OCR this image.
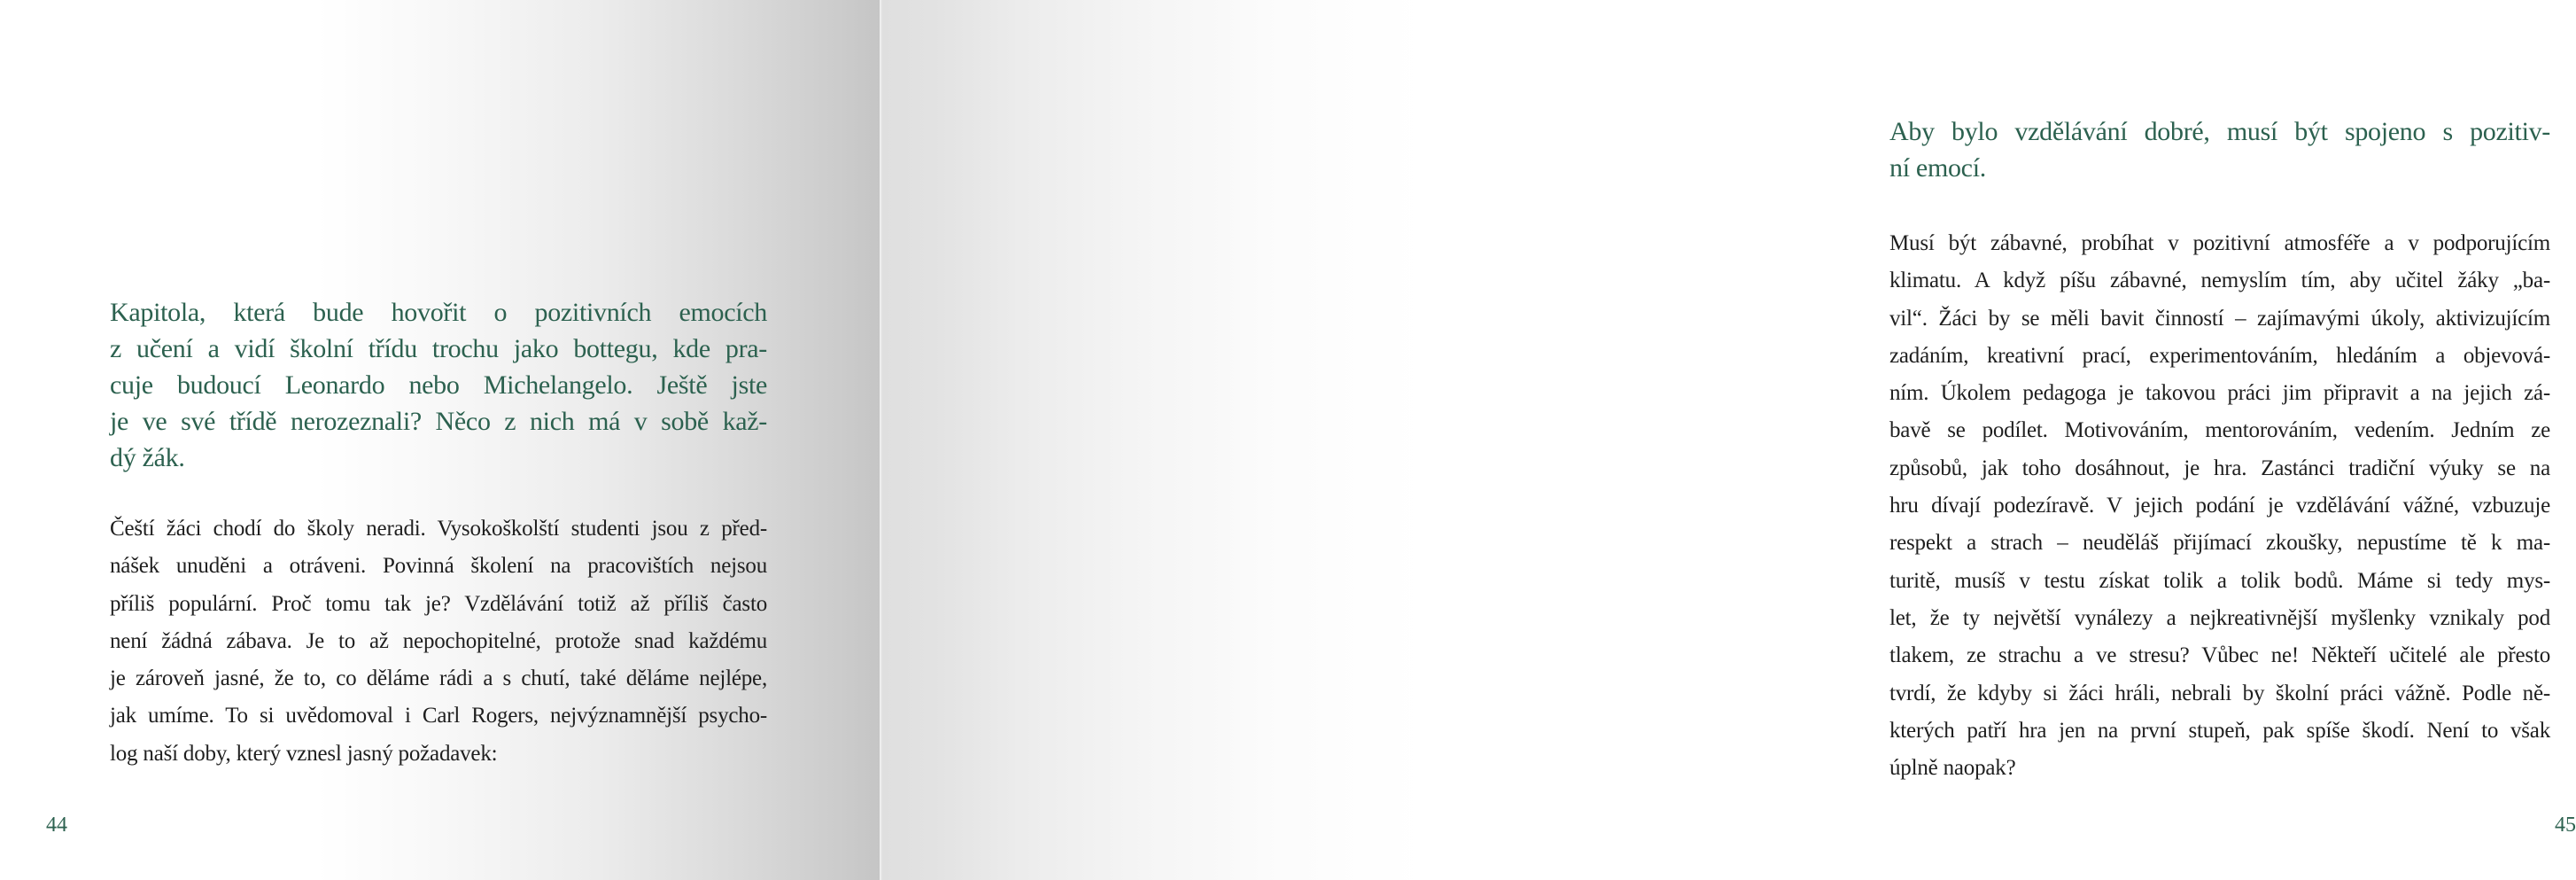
Kapitola, která bude hovořit o pozitivních emocích
z učení a vidí školní třídu trochu jako bottegu, kde pra-
cuje budoucí Leonardo nebo Michelangelo. Ještě jste
je ve své třídě nerozeznali? Něco z nich má v sobě kaž-
dý žák.
Čeští žáci chodí do školy neradi. Vysokoškolští studenti jsou z před-
nášek unuděni a otráveni. Povinná školení na pracovištích nejsou
příliš populární. Proč tomu tak je? Vzdělávání totiž až příliš často
není žádná zábava. Je to až nepochopitelné, protože snad každému
je zároveň jasné, že to, co děláme rádi a s chutí, také děláme nejlépe,
jak umíme. To si uvědomoval i Carl Rogers, nejvýznamnější psycho-
log naší doby, který vznesl jasný požadavek:
44
Aby bylo vzdělávání dobré, musí být spojeno s pozitiv-
ní emocí.
Musí být zábavné, probíhat v pozitivní atmosféře a v podporujícím
klimatu. A když píšu zábavné, nemyslím tím, aby učitel žáky „ba-
vil“. Žáci by se měli bavit činností – zajímavými úkoly, aktivizujícím
zadáním, kreativní prací, experimentováním, hledáním a objevová-
ním. Úkolem pedagoga je takovou práci jim připravit a na jejich zá-
bavě se podílet. Motivováním, mentorováním, vedením. Jedním ze
způsobů, jak toho dosáhnout, je hra. Zastánci tradiční výuky se na
hru dívají podezíravě. V jejich podání je vzdělávání vážné, vzbuzuje
respekt a strach – neuděláš přijímací zkoušky, nepustíme tě k ma-
turitě, musíš v testu získat tolik a tolik bodů. Máme si tedy mys-
let, že ty největší vynálezy a nejkreativnější myšlenky vznikaly pod
tlakem, ze strachu a ve stresu? Vůbec ne! Někteří učitelé ale přesto
tvrdí, že kdyby si žáci hráli, nebrali by školní práci vážně. Podle ně-
kterých patří hra jen na první stupeň, pak spíše škodí. Není to však
úplně naopak?
45
